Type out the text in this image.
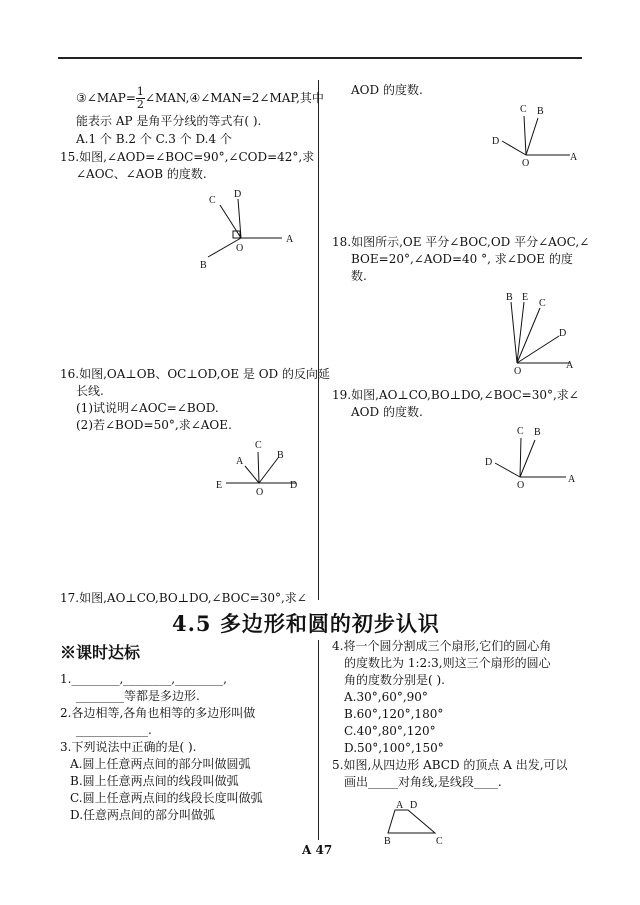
③∠MAP= $\frac{1}{2}$ ∠MAN,④∠MAN=2∠MAP,其中
能表示 AP 是角平分线的等式有( ).
A.1 个 B.2 个 C.3 个 D.4 个
15.如图,∠AOD=∠BOC=90°,∠COD=42°,求
∠AOC、∠AOB 的度数.
C
D
O
A
B
16.如图,OA⊥OB、OC⊥OD,OE 是 OD 的反向延
长线.
(1)试说明∠AOC=∠BOD.
(2)若∠BOD=50°,求∠AOE.
C
A
B
E
O
D
17.如图,AO⊥CO,BO⊥DO,∠BOC=30°,求∠
AOD 的度数.
C B
D
O
A
18.如图所示,OE 平分∠BOC,OD 平分∠AOC,∠
BOE=20°,∠AOD=40 °, 求∠DOE 的度
数.
B E
C
D
O
A
19.如图,AO⊥CO,BO⊥DO,∠BOC=30°,求∠
AOD 的度数.
C B
D
O
A
4.5 多边形和圆的初步认识
※课时达标
1.________,________,________,
________等都是多边形.
2.各边相等,各角也相等的多边形叫做
____________.
3.下列说法中正确的是( ).
A.圆上任意两点间的部分叫做圆弧
B.圆上任意两点间的线段叫做弧
C.圆上任意两点间的线段长度叫做弧
D.任意两点间的部分叫做弧
4.将一个圆分割成三个扇形,它们的圆心角
的度数比为 1:2:3,则这三个扇形的圆心
角的度数分别是( ).
A.30°,60°,90°
B.60°,120°,180°
C.40°,80°,120°
D.50°,100°,150°
5.如图,从四边形 ABCD 的顶点 A 出发,可以
画出_____对角线,是线段____.
A D
B	C
A 47
